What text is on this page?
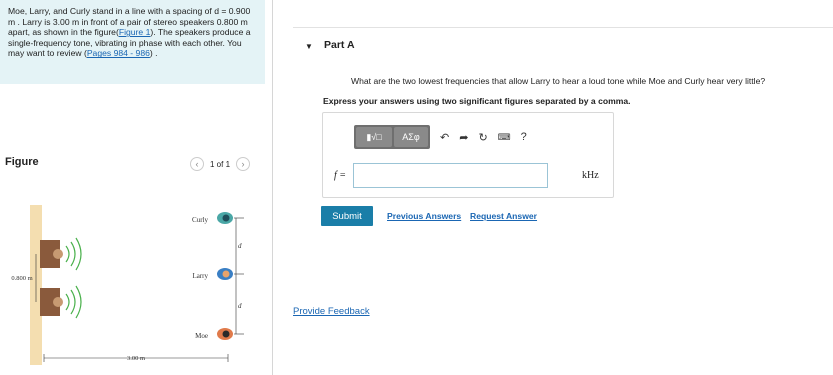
Moe, Larry, and Curly stand in a line with a spacing of d = 0.900 m . Larry is 3.00 m in front of a pair of stereo speakers 0.800 m apart, as shown in the figure(Figure 1). The speakers produce a single-frequency tone, vibrating in phase with each other. You may want to review (Pages 984 - 986) .
Figure	‹	1 of 1	›
0.800 m
3.00 m
Curly
Larry
Moe
d
d
▼ Part A
What are the two lowest frequencies that allow Larry to hear a loud tone while Moe and Curly hear very little?
Express your answers using two significant figures separated by a comma.
▮√□	ΑΣφ	↶ ➦ ↻ ⌨ ?
f =	kHz
Submit	Previous Answers Request Answer
Provide Feedback
